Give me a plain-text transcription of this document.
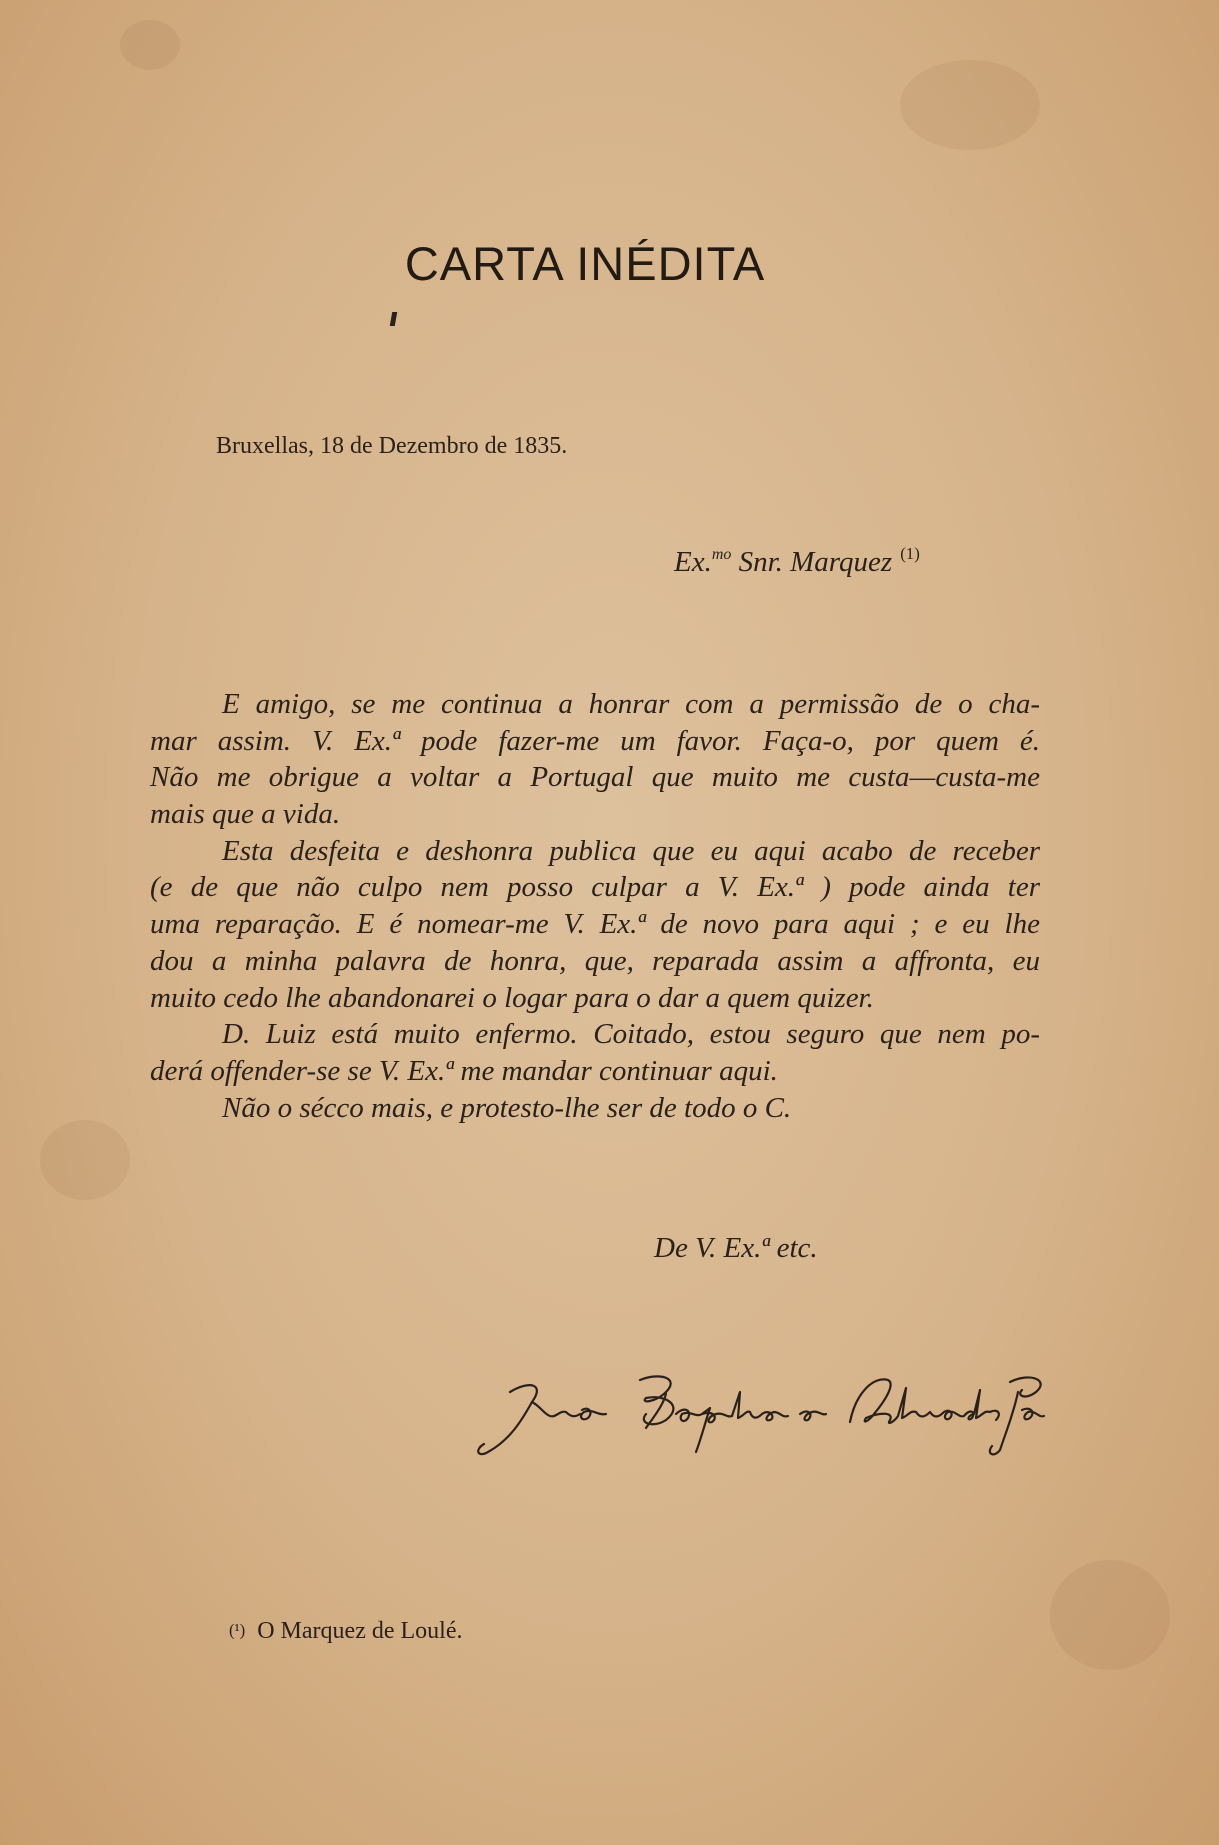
CARTA INÉDITA
Bruxellas, 18 de Dezembro de 1835.
Ex.$^{mo}$ Snr. Marquez $^{(1)}$
E amigo, se me continua a honrar com a permissão de o cha-
mar assim. V. Ex.ª pode fazer-me um favor. Faça-o, por quem é.
Não me obrigue a voltar a Portugal que muito me custa—custa-me
mais que a vida.
Esta desfeita e deshonra publica que eu aqui acabo de receber
(e de que não culpo nem posso culpar a V. Ex.ª ) pode ainda ter
uma reparação. E é nomear-me V. Ex.ª de novo para aqui ; e eu lhe
dou a minha palavra de honra, que, reparada assim a affronta, eu
muito cedo lhe abandonarei o logar para o dar a quem quizer.
D. Luiz está muito enfermo. Coitado, estou seguro que nem po-
derá offender-se se V. Ex.ª me mandar continuar aqui.
Não o sécco mais, e protesto-lhe ser de todo o C.
De V. Ex.ª etc.
(¹) O Marquez de Loulé.
